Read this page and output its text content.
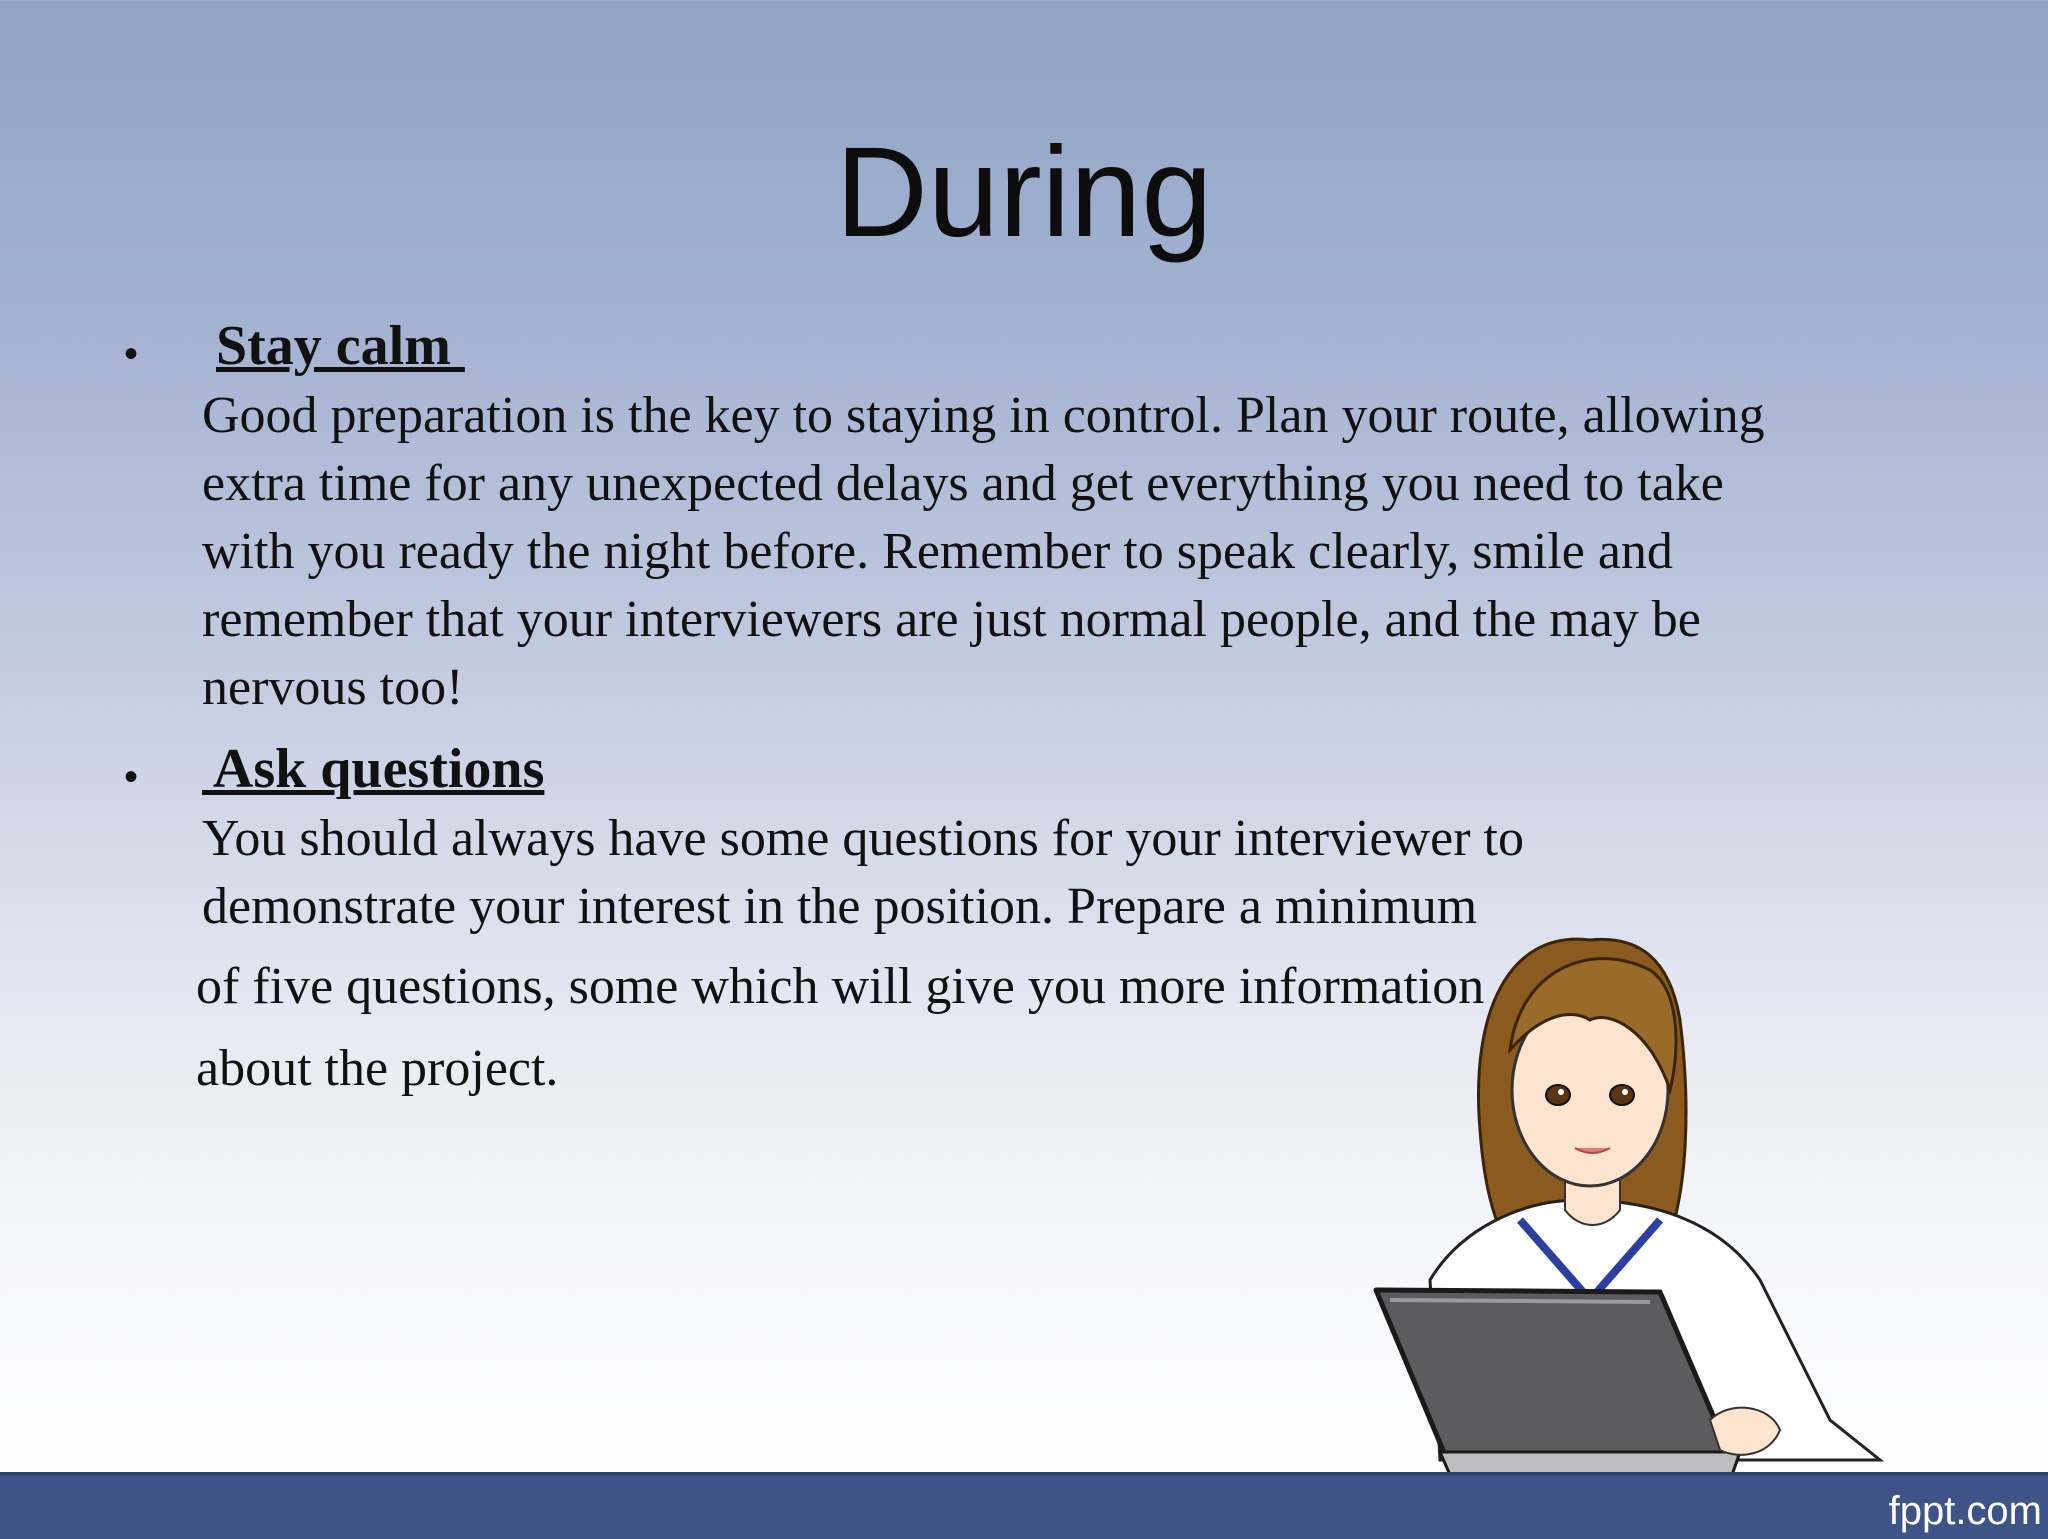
During
• Stay calm
Good preparation is the key to staying in control. Plan your route, allowing
extra time for any unexpected delays and get everything you need to take
with you ready the night before. Remember to speak clearly, smile and
remember that your interviewers are just normal people, and the may be
nervous too!
• Ask questions
You should always have some questions for your interviewer to
demonstrate your interest in the position. Prepare a minimum
of five questions, some which will give you more information
about the project.
fppt.com
